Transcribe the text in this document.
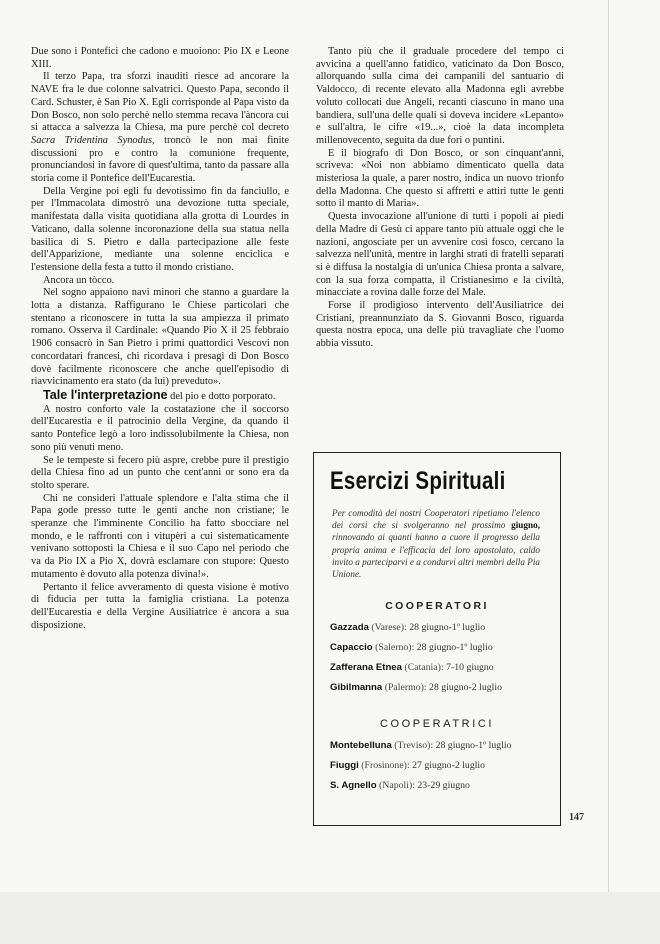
Due sono i Pontefici che cadono e muoiono: Pio IX e Leone XIII.

Il terzo Papa, tra sforzi inauditi riesce ad ancorare la NAVE fra le due colonne salvatrici. Questo Papa, secondo il Card. Schuster, è San Pio X. Egli corrisponde al Papa visto da Don Bosco, non solo perchè nello stemma recava l'àncora cui si attacca a salvezza la Chiesa, ma pure perchè col decreto Sacra Tridentina Synodus, troncò le non mai finite discussioni pro e contro la comunione frequente, pronunciandosi in favore di quest'ultima, tanto da passare alla storia come il Pontefice dell'Eucarestia.

Della Vergine poi egli fu devotissimo fin da fanciullo, e per l'Immacolata dimostrò una devozione tutta speciale, manifestata dalla visita quotidiana alla grotta di Lourdes in Vaticano, dalla solenne incoronazione della sua statua nella basilica di S. Pietro e dalla partecipazione alle feste dell'Apparizione, mediante una solenne enciclica e l'estensione della festa a tutto il mondo cristiano.

Ancora un tòcco.

Nel sogno appaiono navi minori che stanno a guardare la lotta a distanza. Raffigurano le Chiese particolari che stentano a riconoscere in tutta la sua ampiezza il primato romano. Osserva il Cardinale: «Quando Pio X il 25 febbraio 1906 consacrò in San Pietro i primi quattordici Vescovi non concordatari francesi, chi ricordava i presagi di Don Bosco dovè facilmente riconoscere che anche quell'episodio di riavvicinamento era stato (da lui) preveduto».

Tale l'interpretazione del pio e dotto porporato.

A nostro conforto vale la costatazione che il soccorso dell'Eucarestia e il patrocinio della Vergine, da quando il santo Pontefice legò a loro indissolubilmente la Chiesa, non sono più venuti meno.

Se le tempeste si fecero più aspre, crebbe pure il prestigio della Chiesa fino ad un punto che cent'anni or sono era da stolto sperare.

Chi ne consideri l'attuale splendore e l'alta stima che il Papa gode presso tutte le genti anche non cristiane; le speranze che l'imminente Concilio ha fatto sbocciare nel mondo, e le raffronti con i vitupèri a cui sistematicamente venivano sottoposti la Chiesa e il suo Capo nel periodo che va da Pio IX a Pio X, dovrà esclamare con stupore: Questo mutamento è dovuto alla potenza divina!».

Pertanto il felice avveramento di questa visione è motivo di fiducia per tutta la famiglia cristiana. La potenza dell'Eucarestia e della Vergine Ausiliatrice è ancora a sua disposizione.

Tanto più che il graduale procedere del tempo ci avvicina a quell'anno fatidico, vaticinato da Don Bosco, allorquando sulla cima dei campanili del santuario di Valdocco, di recente elevato alla Madonna egli avrebbe voluto collocati due Angeli, recanti ciascuno in mano una bandiera, sull'una delle quali si doveva incidere «Lepanto» e sull'altra, le cifre «19...», cioè la data incompleta millenovecento, seguita da due fori o puntini.

E il biografo di Don Bosco, or son cinquant'anni, scriveva: «Noi non abbiamo dimenticato quella data misteriosa la quale, a parer nostro, indica un nuovo trionfo della Madonna. Che questo si affretti e attiri tutte le genti sotto il manto di Maria».

Questa invocazione all'unione di tutti i popoli ai piedi della Madre di Gesù ci appare tanto più attuale oggi che le nazioni, angosciate per un avvenire così fosco, cercano la salvezza nell'unità, mentre in larghi strati di fratelli separati si è diffusa la nostalgia di un'unica Chiesa pronta a salvare, con la sua forza compatta, il Cristianesimo e la civiltà, minacciate a rovina dalle forze del Male.

Forse il prodigioso intervento dell'Ausiliatrice dei Cristiani, preannunziato da S. Giovanni Bosco, riguarda questa nostra epoca, una delle più travagliate che l'uomo abbia vissuto.

Esercizi Spirituali
Per comodità dei nostri Cooperatori ripetiamo l'elenco dei corsi che si svolgeranno nel prossimo giugno, rinnovando ai quanti hanno a cuore il progresso della propria anima e l'efficacia del loro apostolato, caldo invito a parteciparvi e a condurvi altri membri della Pia Unione.
COOPERATORI
Gazzada (Varese): 28 giugno-1º luglio
Capaccio (Salerno): 28 giugno-1º luglio
Zafferana Etnea (Catania): 7-10 giugno
Gibilmanna (Palermo): 28 giugno-2 luglio
COOPERATRICI
Montebelluna (Treviso): 28 giugno-1º luglio
Fiuggi (Frosinone): 27 giugno-2 luglio
S. Agnello (Napoli): 23-29 giugno
147
